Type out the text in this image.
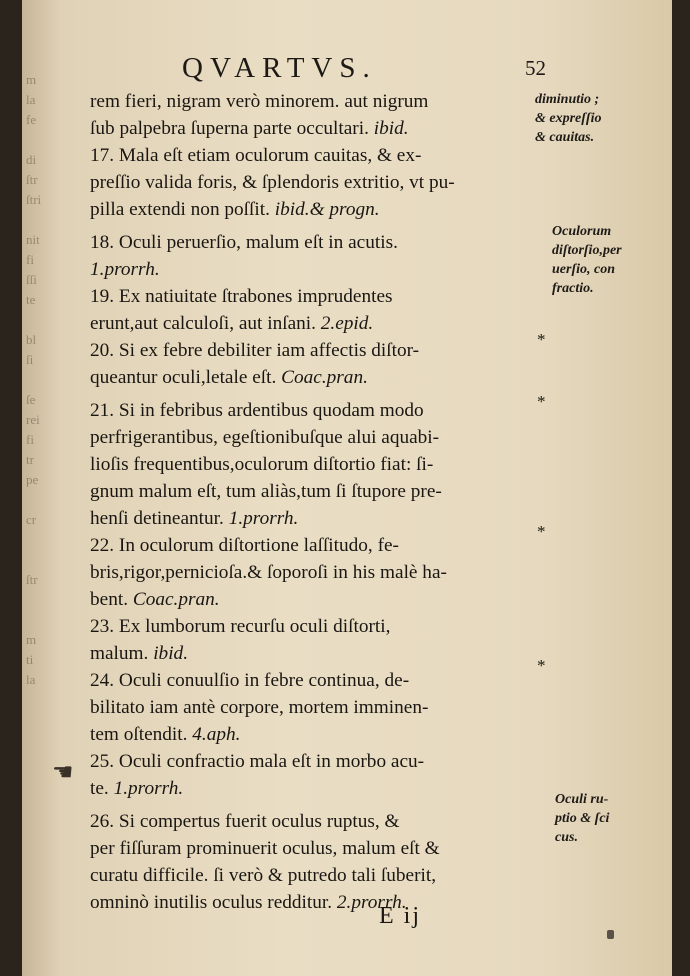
m
la
fe

di
ſtr
ſtri

nit
fi
ſſi
te

bl
ſi

ſe
rei
fi
tr
pe

cr

ſtr

m
ti
la
QVARTVS.	52
rem fieri, nigram verò minorem. aut nigrum
ſub palpebra ſuperna parte occultari. ibid.
17. Mala eſt etiam oculorum cauitas, & ex-
preſſio valida foris, & ſplendoris extritio, vt pu-
pilla extendi non poſſit. ibid.& progn.
18. Oculi peruerſio, malum eſt in acutis.
1.prorrh.
19. Ex natiuitate ſtrabones imprudentes
erunt,aut calculoſi, aut inſani. 2.epid.
20. Si ex febre debiliter iam affectis diſtor-
queantur oculi,letale eſt. Coac.pran.
21. Si in febribus ardentibus quodam modo
perfrigerantibus, egeſtionibuſque alui aquabi-
lioſis frequentibus,oculorum diſtortio fiat: ſi-
gnum malum eſt, tum aliàs,tum ſi ſtupore pre-
henſi detineantur. 1.prorrh.
22. In oculorum diſtortione laſſitudo, fe-
bris,rigor,pernicioſa.& ſoporoſi in his malè ha-
bent. Coac.pran.
23. Ex lumborum recurſu oculi diſtorti,
malum. ibid.
24. Oculi conuulſio in febre continua, de-
bilitato iam antè corpore, mortem imminen-
tem oſtendit. 4.aph.
25. Oculi confractio mala eſt in morbo acu-
te. 1.prorrh.
26. Si compertus fuerit oculus ruptus, &
per fiſſuram prominuerit oculus, malum eſt &
curatu difficile. ſi verò & putredo tali ſuberit,
omninò inutilis oculus redditur. 2.prorrh.
diminutio ;
& expreſſio
& cauitas.
Oculorum
diſtorſio,per
uerſio, con
fractio.
Oculi ru-
ptio & ſci
cus.
*
*
*
*
☚
E ij
